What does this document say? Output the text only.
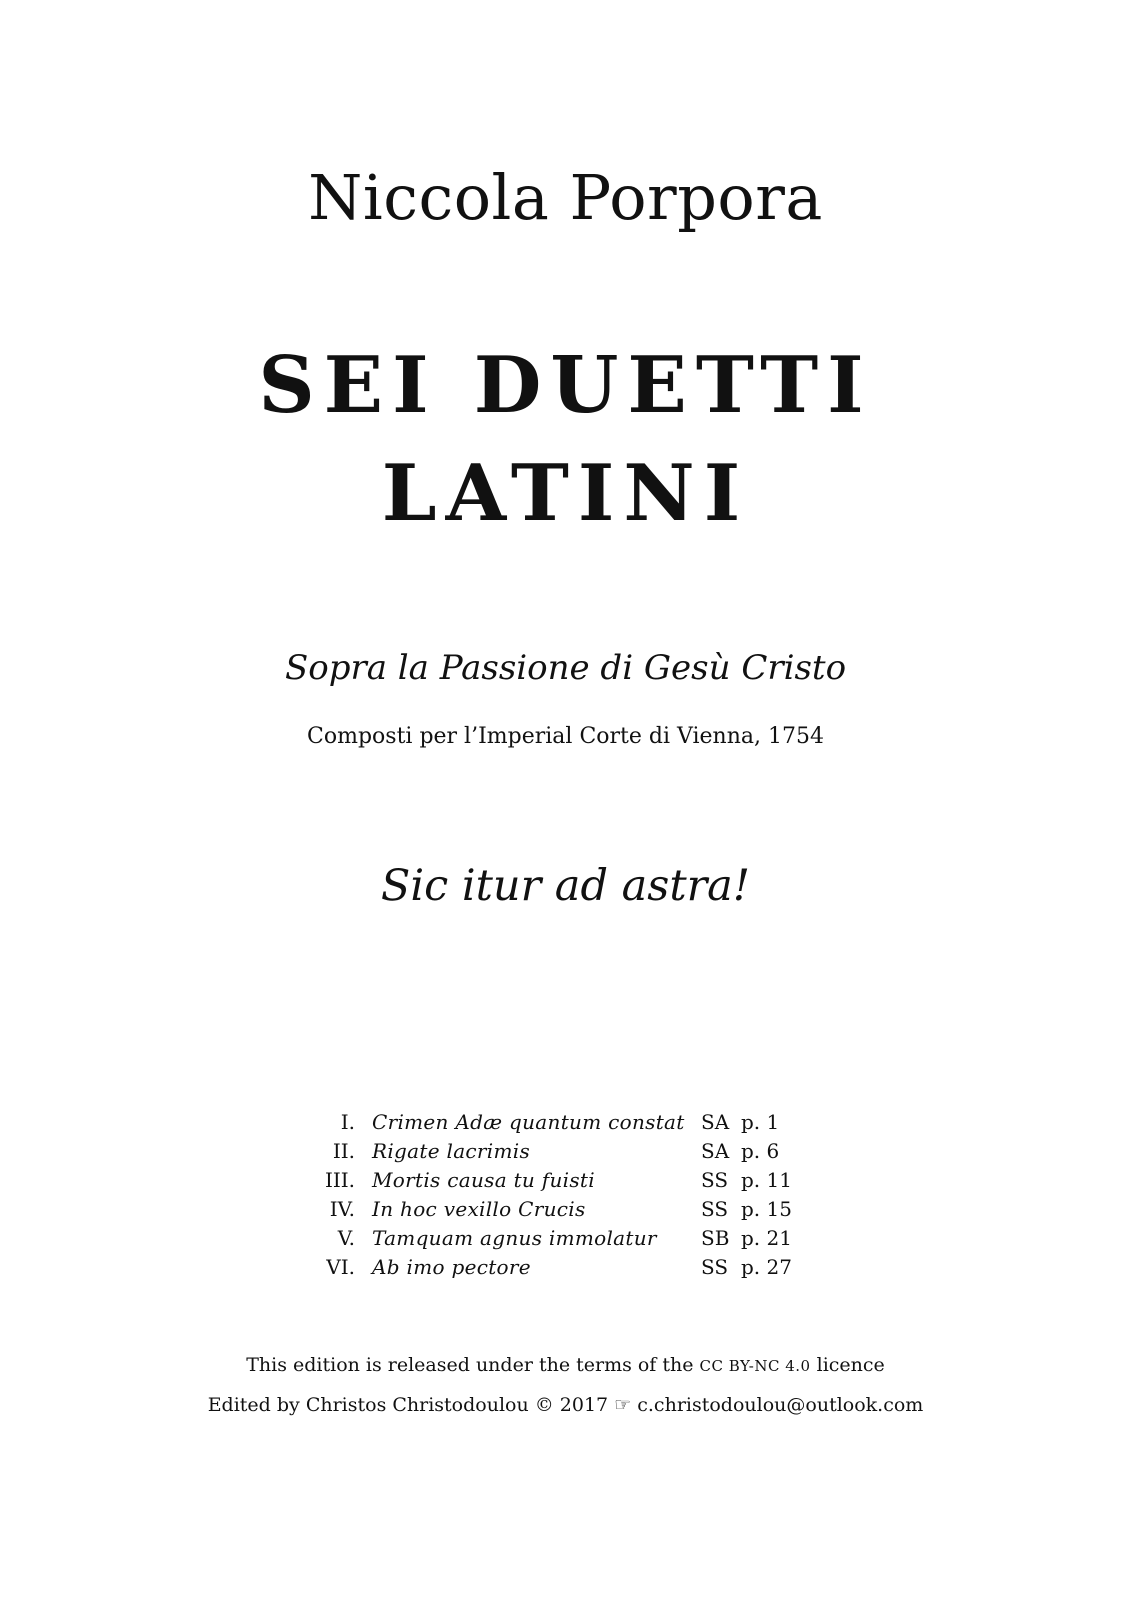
Niccola Porpora
SEI DUETTI
LATINI
Sopra la Passione di Gesù Cristo
Composti per l’Imperial Corte di Vienna, 1754
Sic itur ad astra!
I. Crimen Adæ quantum constat SA p. 1
II. Rigate lacrimis	SA p. 6
III. Mortis causa tu fuisti	SS p. 11
IV. In hoc vexillo Crucis	SS p. 15
V. Tamquam agnus immolatur SB p. 21
VI. Ab imo pectore	SS p. 27
This edition is released under the terms of the CC BY-NC 4.0 licence
Edited by Christos Christodoulou © 2017 ☞ c.christodoulou@outlook.com
